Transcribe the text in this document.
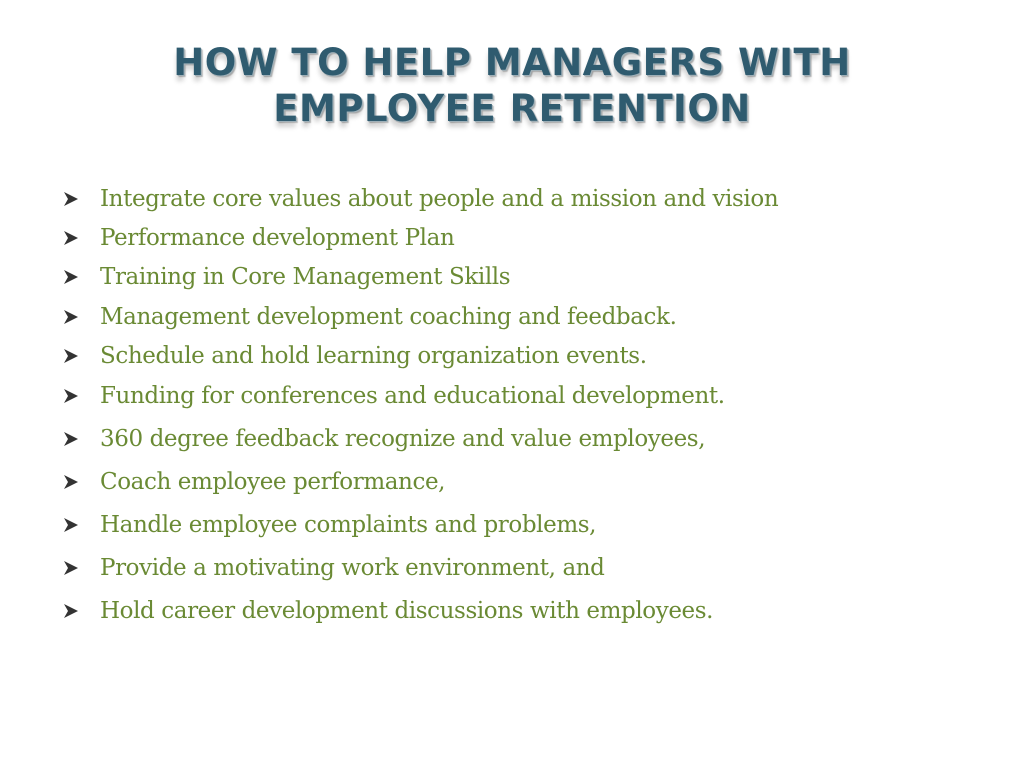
HOW TO HELP MANAGERS WITH
EMPLOYEE RETENTION
Integrate core values about people and a mission and vision
Performance development Plan
Training in Core Management Skills
Management development coaching and feedback.
Schedule and hold learning organization events.
Funding for conferences and educational development.
360 degree feedback recognize and value employees,
Coach employee performance,
Handle employee complaints and problems,
Provide a motivating work environment, and
Hold career development discussions with employees.
